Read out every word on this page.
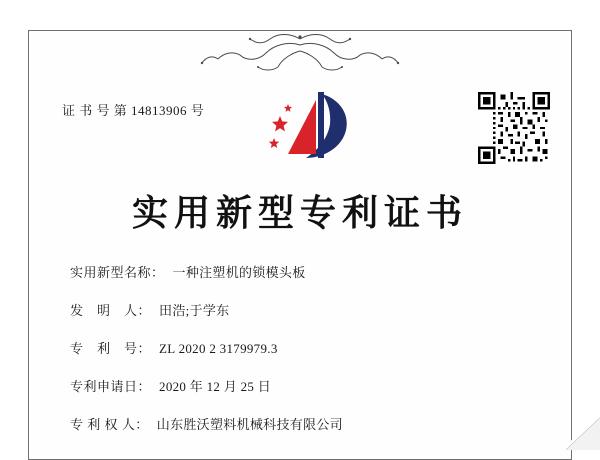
证 书 号 第 14813906 号
实用新型专利证书
实用新型名称： 一种注塑机的锁模头板
发　明　人： 田浩;于学东
专　利　号： ZL 2020 2 3179979.3
专利申请日： 2020 年 12 月 25 日
专 利 权 人： 山东胜沃塑料机械科技有限公司
